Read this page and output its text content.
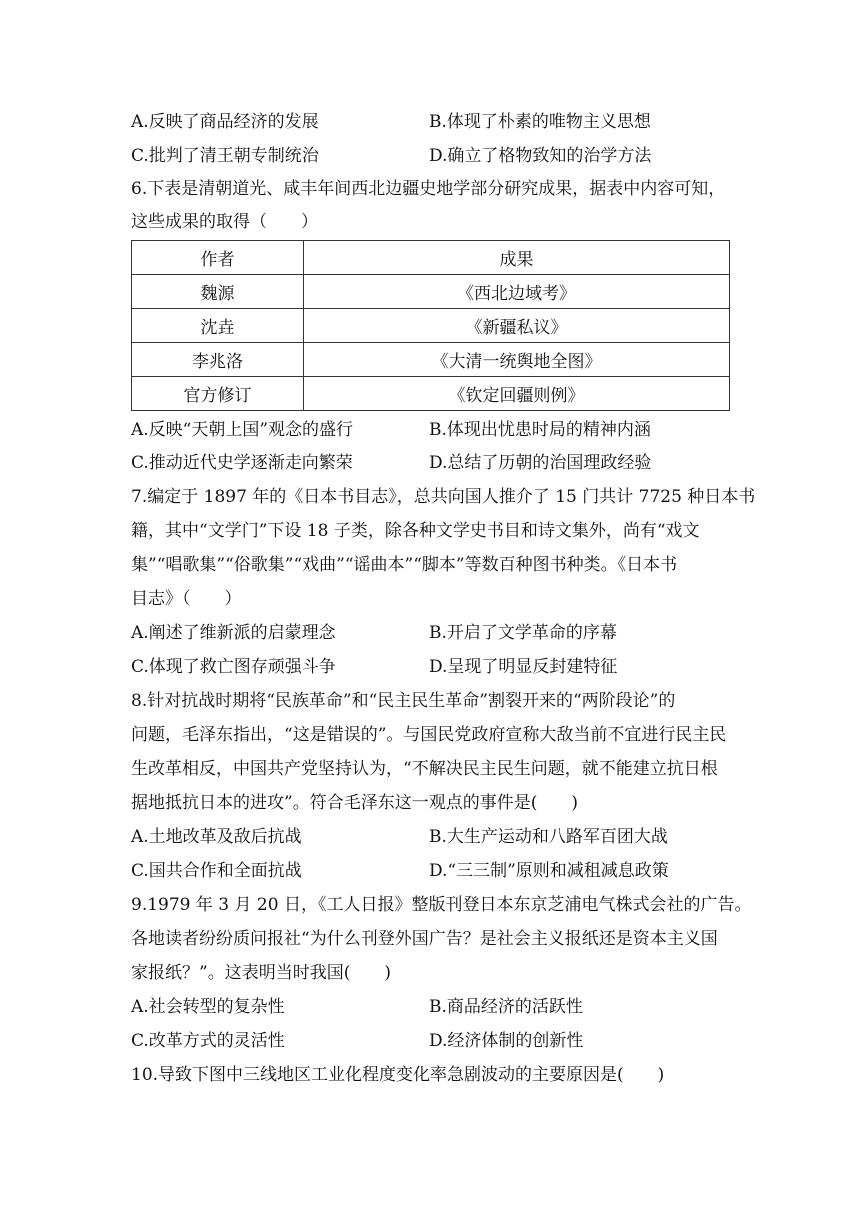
A.反映了商品经济的发展	B.体现了朴素的唯物主义思想
C.批判了清王朝专制统治	D.确立了格物致知的治学方法
6.下表是清朝道光、咸丰年间西北边疆史地学部分研究成果，据表中内容可知，
这些成果的取得（　　）
作者	成果
魏源	《西北边域考》
沈垚	《新疆私议》
李兆洛	《大清一统舆地全图》
官方修订	《钦定回疆则例》
A.反映“天朝上国”观念的盛行	B.体现出忧患时局的精神内涵
C.推动近代史学逐渐走向繁荣	D.总结了历朝的治国理政经验
7.编定于 1897 年的《日本书目志》，总共向国人推介了 15 门共计 7725 种日本书
籍，其中“文学门”下设 18 子类，除各种文学史书目和诗文集外，尚有“戏文
集”“唱歌集”“俗歌集”“戏曲”“谣曲本”“脚本”等数百种图书种类。《日本书
目志》（　　）
A.阐述了维新派的启蒙理念	B.开启了文学革命的序幕
C.体现了救亡图存顽强斗争	D.呈现了明显反封建特征
8.针对抗战时期将“民族革命”和“民主民生革命”割裂开来的“两阶段论”的
问题，毛泽东指出，“这是错误的”。与国民党政府宣称大敌当前不宜进行民主民
生改革相反，中国共产党坚持认为，“不解决民主民生问题，就不能建立抗日根
据地抵抗日本的进攻”。符合毛泽东这一观点的事件是(　　)
A.土地改革及敌后抗战	B.大生产运动和八路军百团大战
C.国共合作和全面抗战	D.“三三制”原则和减租减息政策
9.1979 年 3 月 20 日，《工人日报》整版刊登日本东京芝浦电气株式会社的广告。
各地读者纷纷质问报社“为什么刊登外国广告？是社会主义报纸还是资本主义国
家报纸？”。这表明当时我国(　　)
A.社会转型的复杂性	B.商品经济的活跃性
C.改革方式的灵活性	D.经济体制的创新性
10.导致下图中三线地区工业化程度变化率急剧波动的主要原因是(　　)
